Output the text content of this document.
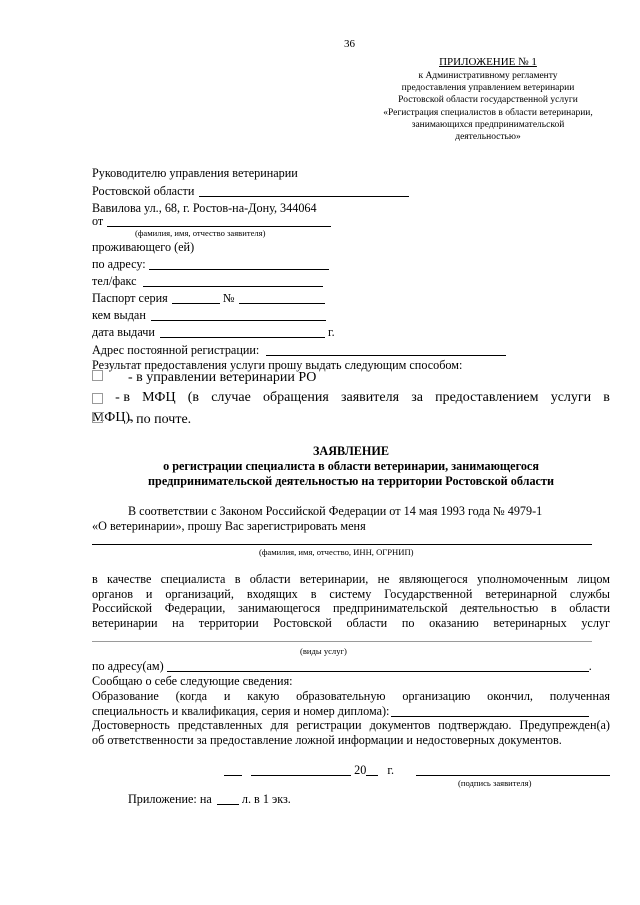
36
ПРИЛОЖЕНИЕ № 1
к Административному регламенту
предоставления управлением ветеринарии
Ростовской области государственной услуги
«Регистрация специалистов в области ветеринарии,
занимающихся предпринимательской
деятельностью»
Руководителю управления ветеринарии
Ростовской области
Вавилова ул., 68, г. Ростов-на-Дону, 344064
от
(фамилия, имя, отчество заявителя)
проживающего (ей)
по адресу:
тел/факс
Паспорт серия	№
кем выдан
дата выдачи	г.
Адрес постоянной регистрации:
Результат предоставления услуги прошу выдать следующим способом:
- в управлении ветеринарии РО
- в МФЦ (в случае обращения заявителя за предоставлением услуги в
МФЦ),
- по почте.
ЗАЯВЛЕНИЕ
о регистрации специалиста в области ветеринарии, занимающегося
предпринимательской деятельностью на территории Ростовской области
В соответствии с Законом Российской Федерации от 14 мая 1993 года № 4979-1
«О ветеринарии», прошу Вас зарегистрировать меня
(фамилия, имя, отчество, ИНН, ОГРНИП)
в качестве специалиста в области ветеринарии, не являющегося уполномоченным лицом
органов и организаций, входящих в систему Государственной ветеринарной службы
Российской Федерации, занимающегося предпринимательской деятельностью в области
ветеринарии на территории Ростовской области по оказанию ветеринарных услуг
(виды услуг)
по адресу(ам)	.
Сообщаю о себе следующие сведения:
Образование (когда и какую образовательную организацию окончил, полученная
специальность и квалификация, серия и номер диплома):
Достоверность представленных для регистрации документов подтверждаю. Предупрежден(а)
об ответственности за предоставление ложной информации и недостоверных документов.
20 г.
(подпись заявителя)
Приложение: на л. в 1 экз.
